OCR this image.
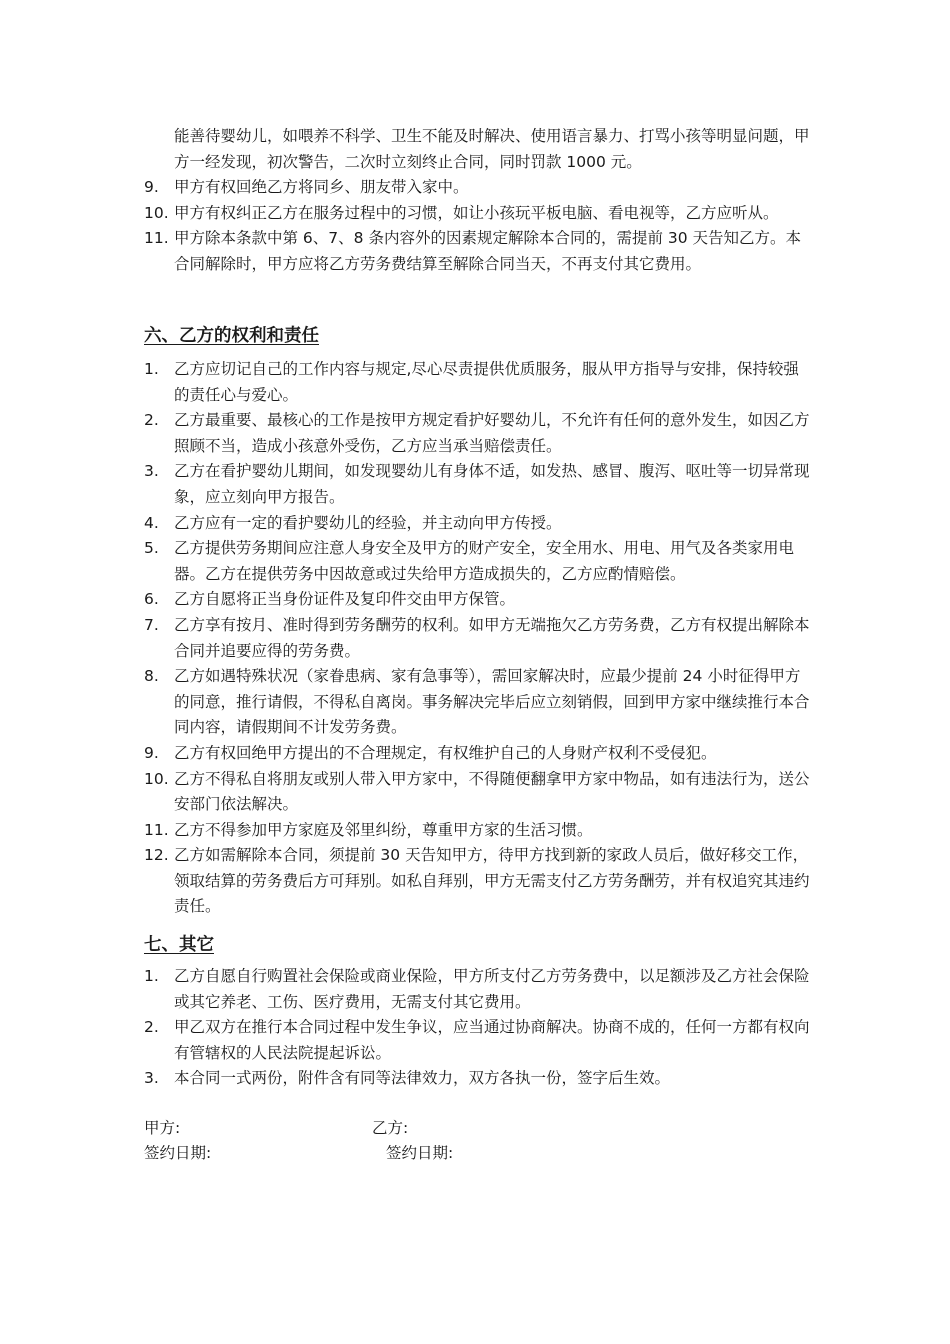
能善待婴幼儿，如喂养不科学、卫生不能及时解决、使用语言暴力、打骂小孩等明显问题，甲方一经发现，初次警告，二次时立刻终止合同，同时罚款 1000 元。
9. 甲方有权回绝乙方将同乡、朋友带入家中。
10. 甲方有权纠正乙方在服务过程中的习惯，如让小孩玩平板电脑、看电视等，乙方应听从。
11. 甲方除本条款中第 6、7、8 条内容外的因素规定解除本合同的，需提前 30 天告知乙方。本合同解除时，甲方应将乙方劳务费结算至解除合同当天，不再支付其它费用。
六、乙方的权利和责任
1. 乙方应切记自己的工作内容与规定,尽心尽责提供优质服务，服从甲方指导与安排，保持较强的责任心与爱心。
2. 乙方最重要、最核心的工作是按甲方规定看护好婴幼儿，不允许有任何的意外发生，如因乙方照顾不当，造成小孩意外受伤，乙方应当承当赔偿责任。
3. 乙方在看护婴幼儿期间，如发现婴幼儿有身体不适，如发热、感冒、腹泻、呕吐等一切异常现象，应立刻向甲方报告。
4. 乙方应有一定的看护婴幼儿的经验，并主动向甲方传授。
5. 乙方提供劳务期间应注意人身安全及甲方的财产安全，安全用水、用电、用气及各类家用电器。乙方在提供劳务中因故意或过失给甲方造成损失的，乙方应酌情赔偿。
6. 乙方自愿将正当身份证件及复印件交由甲方保管。
7. 乙方享有按月、准时得到劳务酬劳的权利。如甲方无端拖欠乙方劳务费，乙方有权提出解除本合同并追要应得的劳务费。
8. 乙方如遇特殊状况（家眷患病、家有急事等），需回家解决时，应最少提前 24 小时征得甲方的同意，推行请假，不得私自离岗。事务解决完毕后应立刻销假，回到甲方家中继续推行本合同内容，请假期间不计发劳务费。
9. 乙方有权回绝甲方提出的不合理规定，有权维护自己的人身财产权利不受侵犯。
10. 乙方不得私自将朋友或别人带入甲方家中，不得随便翻拿甲方家中物品，如有违法行为，送公安部门依法解决。
11. 乙方不得参加甲方家庭及邻里纠纷，尊重甲方家的生活习惯。
12. 乙方如需解除本合同，须提前 30 天告知甲方，待甲方找到新的家政人员后，做好移交工作，领取结算的劳务费后方可拜别。如私自拜别，甲方无需支付乙方劳务酬劳，并有权追究其违约责任。
七、其它
1. 乙方自愿自行购置社会保险或商业保险，甲方所支付乙方劳务费中，以足额涉及乙方社会保险或其它养老、工伤、医疗费用，无需支付其它费用。
2. 甲乙双方在推行本合同过程中发生争议，应当通过协商解决。协商不成的，任何一方都有权向有管辖权的人民法院提起诉讼。
3. 本合同一式两份，附件含有同等法律效力，双方各执一份，签字后生效。
甲方:	乙方:
签约日期:	签约日期:
